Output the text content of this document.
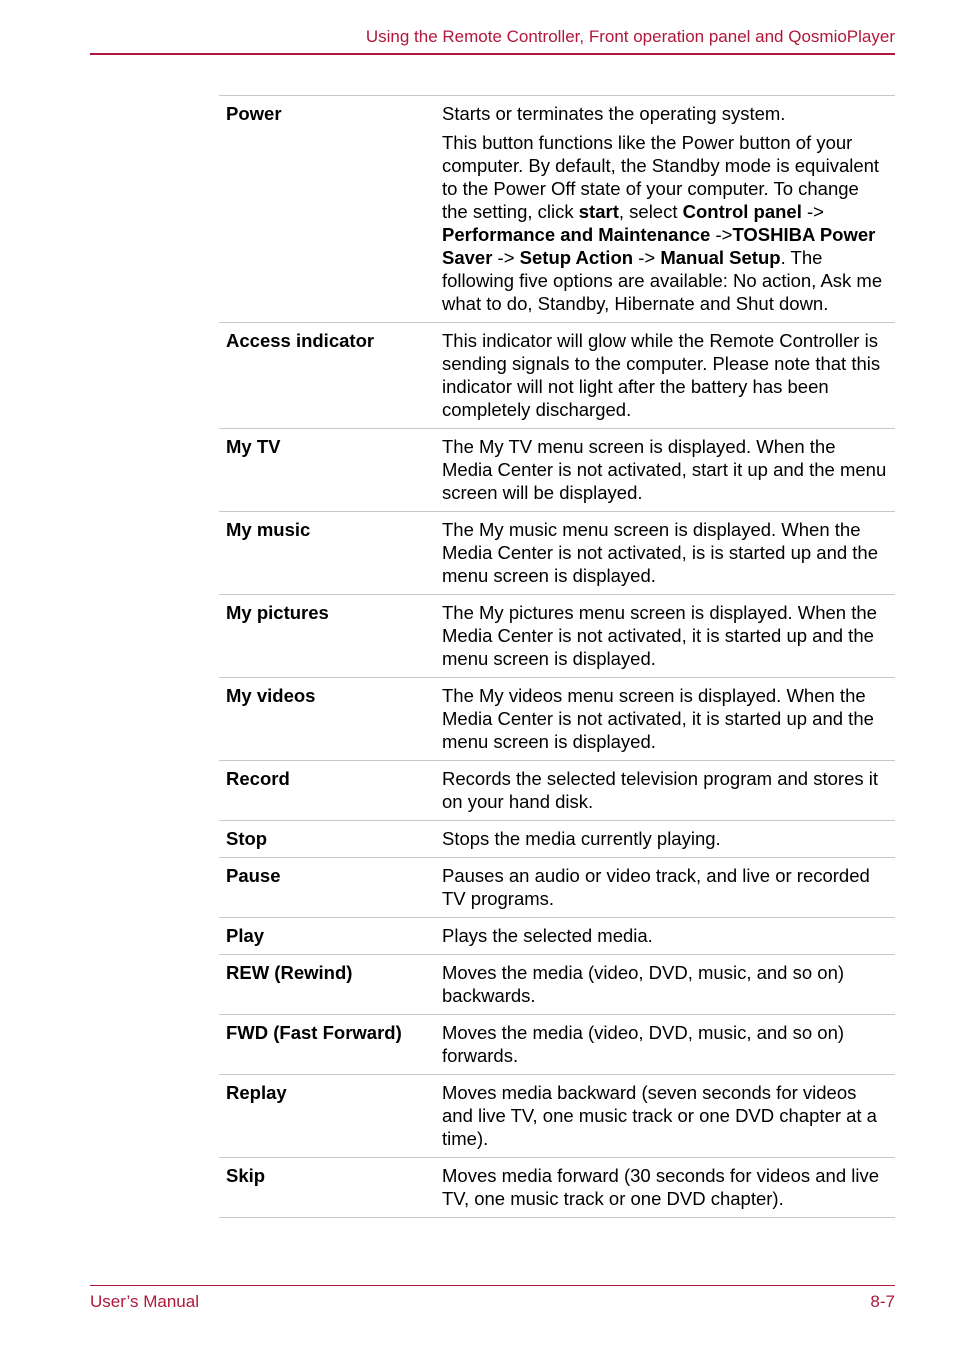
Using the Remote Controller, Front operation panel and QosmioPlayer
Power	Starts or terminates the operating system.

This button functions like the Power button of your computer. By default, the Standby mode is equivalent to the Power Off state of your computer. To change the setting, click start, select Control panel -> Performance and Maintenance ->TOSHIBA Power Saver -> Setup Action -> Manual Setup. The following five options are available: No action, Ask me what to do, Standby, Hibernate and Shut down.

Access indicator	This indicator will glow while the Remote Controller is sending signals to the computer. Please note that this indicator will not light after the battery has been completely discharged.

My TV	The My TV menu screen is displayed. When the Media Center is not activated, start it up and the menu screen will be displayed.

My music	The My music menu screen is displayed. When the Media Center is not activated, is is started up and the menu screen is displayed.

My pictures	The My pictures menu screen is displayed. When the Media Center is not activated, it is started up and the menu screen is displayed.

My videos	The My videos menu screen is displayed. When the Media Center is not activated, it is started up and the menu screen is displayed.

Record	Records the selected television program and stores it on your hand disk.

Stop	Stops the media currently playing.

Pause	Pauses an audio or video track, and live or recorded TV programs.

Play	Plays the selected media.

REW (Rewind)	Moves the media (video, DVD, music, and so on) backwards.

FWD (Fast Forward)	Moves the media (video, DVD, music, and so on) forwards.

Replay	Moves media backward (seven seconds for videos and live TV, one music track or one DVD chapter at a time).

Skip	Moves media forward (30 seconds for videos and live TV, one music track or one DVD chapter).

User’s Manual	8-7
